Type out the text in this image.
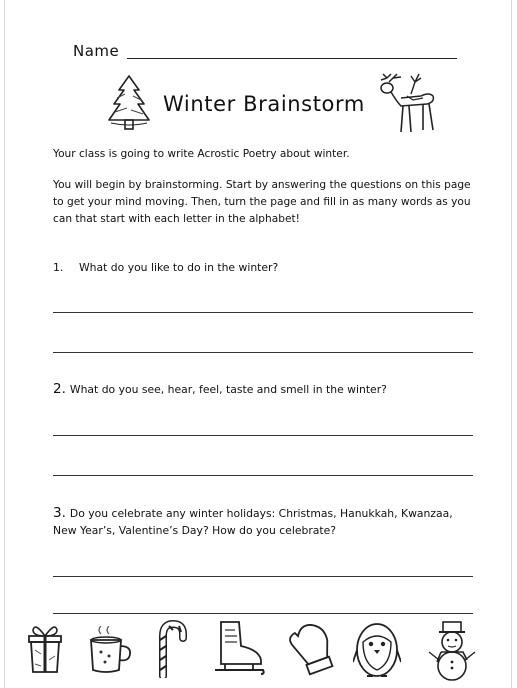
Name
Winter Brainstorm
Your class is going to write Acrostic Poetry about winter.
You will begin by brainstorming. Start by answering the questions on this page to get your mind moving. Then, turn the page and fill in as many words as you can that start with each letter in the alphabet!
1. What do you like to do in the winter?
2. What do you see, hear, feel, taste and smell in the winter?
3. Do you celebrate any winter holidays: Christmas, Hanukkah, Kwanzaa, New Year’s, Valentine’s Day? How do you celebrate?
